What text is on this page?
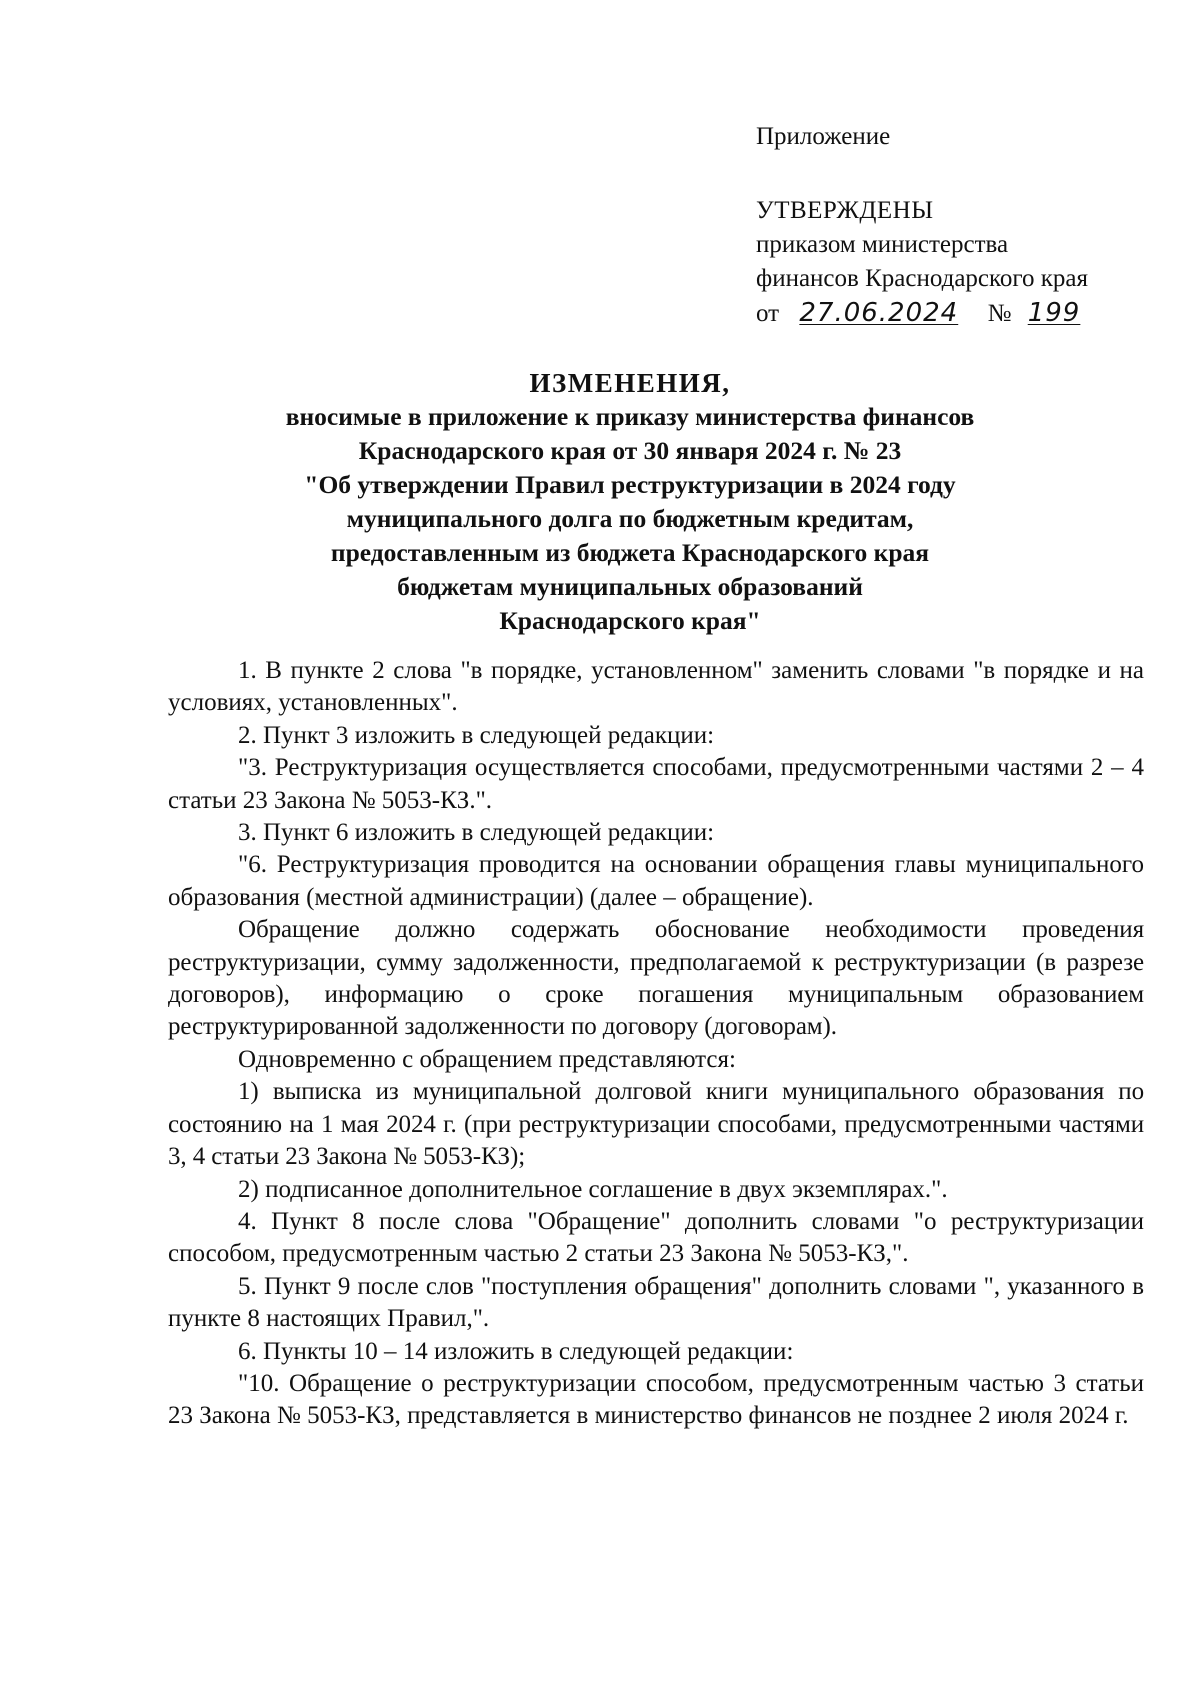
Приложение
УТВЕРЖДЕНЫ
приказом министерства
финансов Краснодарского края
от 27.06.2024 № 199
ИЗМЕНЕНИЯ,
вносимые в приложение к приказу министерства финансов
Краснодарского края от 30 января 2024 г. № 23
"Об утверждении Правил реструктуризации в 2024 году
муниципального долга по бюджетным кредитам,
предоставленным из бюджета Краснодарского края
бюджетам муниципальных образований
Краснодарского края"

1. В пункте 2 слова "в порядке, установленном" заменить словами "в порядке и на условиях, установленных".

2. Пункт 3 изложить в следующей редакции:

"3. Реструктуризация осуществляется способами, предусмотренными частями 2 – 4 статьи 23 Закона № 5053-КЗ.".

3. Пункт 6 изложить в следующей редакции:

"6. Реструктуризация проводится на основании обращения главы муниципального образования (местной администрации) (далее – обращение).

Обращение должно содержать обоснование необходимости проведения реструктуризации, сумму задолженности, предполагаемой к реструктуризации (в разрезе договоров), информацию о сроке погашения муниципальным образованием реструктурированной задолженности по договору (договорам).

Одновременно с обращением представляются:

1) выписка из муниципальной долговой книги муниципального образования по состоянию на 1 мая 2024 г. (при реструктуризации способами, предусмотренными частями 3, 4 статьи 23 Закона № 5053-КЗ);

2) подписанное дополнительное соглашение в двух экземплярах.".

4. Пункт 8 после слова "Обращение" дополнить словами "о реструктуризации способом, предусмотренным частью 2 статьи 23 Закона № 5053-КЗ,".

5. Пункт 9 после слов "поступления обращения" дополнить словами ", указанного в пункте 8 настоящих Правил,".

6. Пункты 10 – 14 изложить в следующей редакции:

"10. Обращение о реструктуризации способом, предусмотренным частью 3 статьи 23 Закона № 5053-КЗ, представляется в министерство финансов не позднее 2 июля 2024 г.
